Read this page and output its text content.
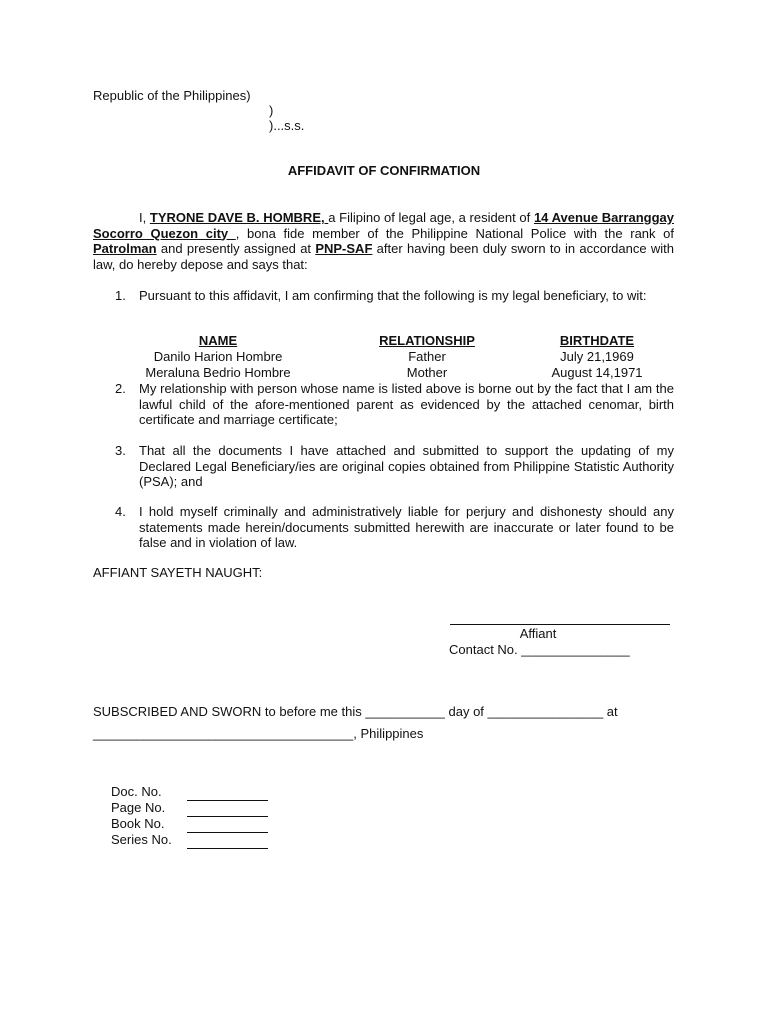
Republic of the Philippines)
)
)...s.s.
AFFIDAVIT OF CONFIRMATION
I, TYRONE DAVE B. HOMBRE, a Filipino of legal age, a resident of 14 Avenue Barranggay Socorro Quezon city , bona fide member of the Philippine National Police with the rank of Patrolman and presently assigned at PNP-SAF after having been duly sworn to in accordance with law, do hereby depose and says that:
1. Pursuant to this affidavit, I am confirming that the following is my legal beneficiary, to wit:
NAME	RELATIONSHIP	BIRTHDATE
Danilo Harion Hombre	Father	July 21,1969
Meraluna Bedrio Hombre	Mother	August 14,1971
2. My relationship with person whose name is listed above is borne out by the fact that I am the lawful child of the afore-mentioned parent as evidenced by the attached cenomar, birth certificate and marriage certificate;
3. That all the documents I have attached and submitted to support the updating of my Declared Legal Beneficiary/ies are original copies obtained from Philippine Statistic Authority (PSA); and
4. I hold myself criminally and administratively liable for perjury and dishonesty should any statements made herein/documents submitted herewith are inaccurate or later found to be false and in violation of law.
AFFIANT SAYETH NAUGHT:
Affiant
Contact No. _______________
SUBSCRIBED AND SWORN to before me this ___________ day of ________________ at
____________________________________, Philippines
Doc. No.
Page No.
Book No.
Series No.
